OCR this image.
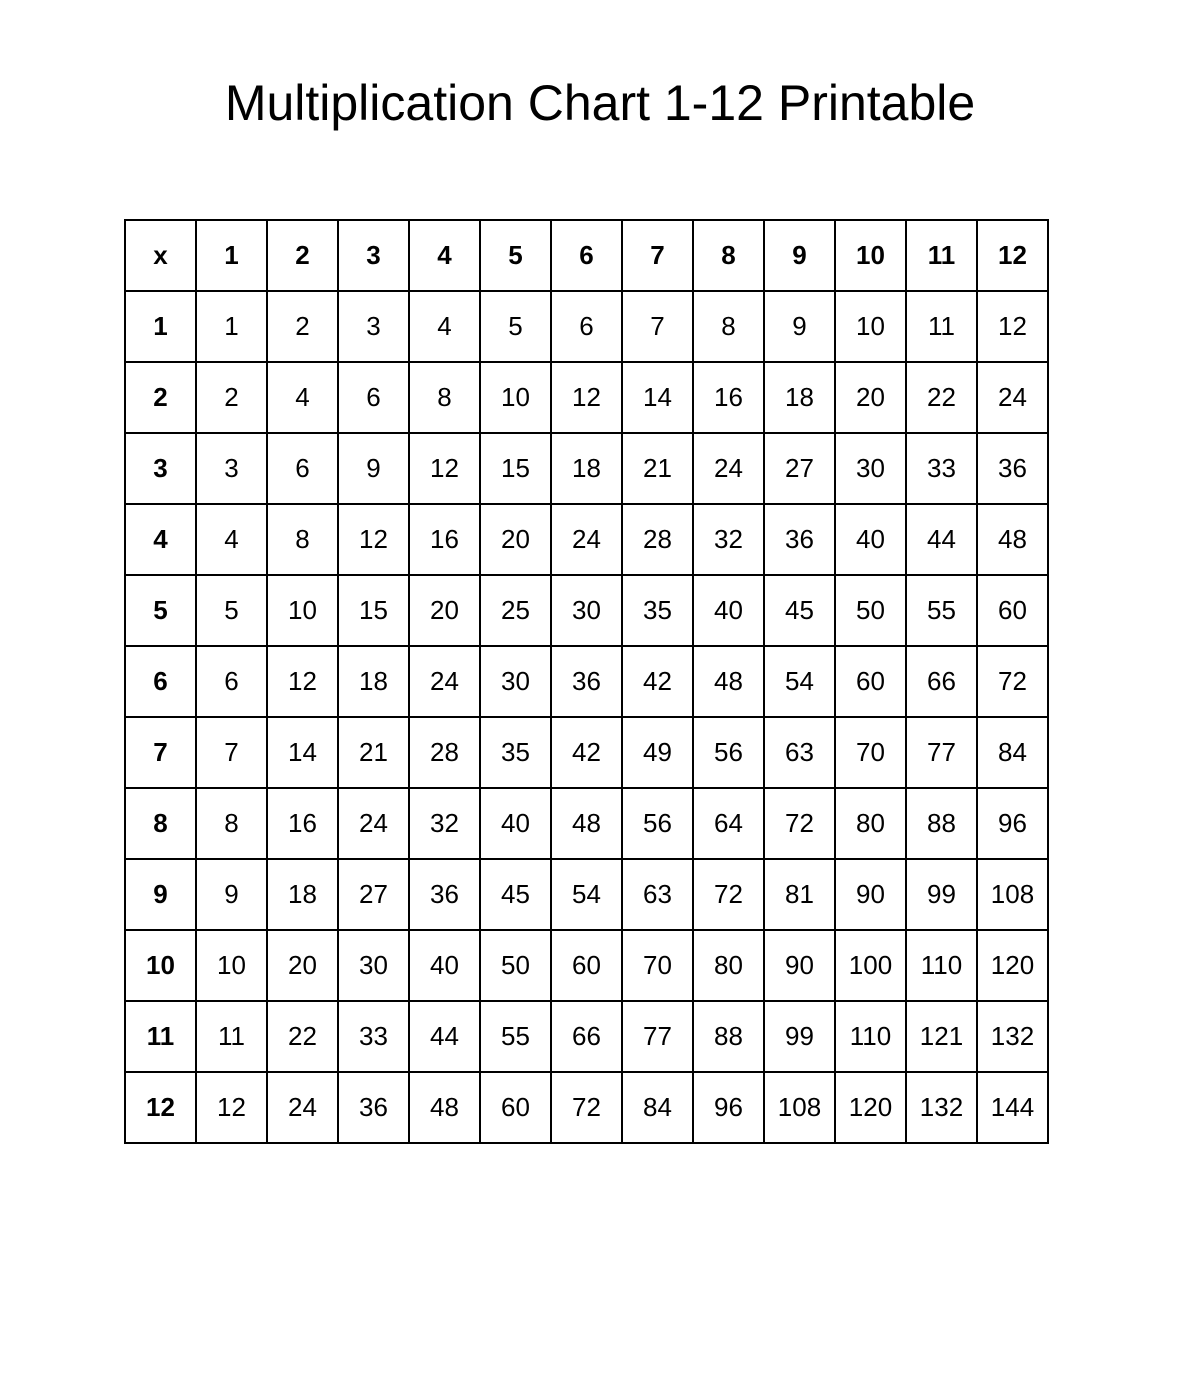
Multiplication Chart 1-12 Printable
x	1	2	3	4	5	6	7	8	9	10	11	12
1	1	2	3	4	5	6	7	8	9	10	11	12
2	2	4	6	8	10	12	14	16	18	20	22	24
3	3	6	9	12	15	18	21	24	27	30	33	36
4	4	8	12	16	20	24	28	32	36	40	44	48
5	5	10	15	20	25	30	35	40	45	50	55	60
6	6	12	18	24	30	36	42	48	54	60	66	72
7	7	14	21	28	35	42	49	56	63	70	77	84
8	8	16	24	32	40	48	56	64	72	80	88	96
9	9	18	27	36	45	54	63	72	81	90	99	108
10	10	20	30	40	50	60	70	80	90	100	110	120
11	11	22	33	44	55	66	77	88	99	110	121	132
12	12	24	36	48	60	72	84	96	108	120	132	144
